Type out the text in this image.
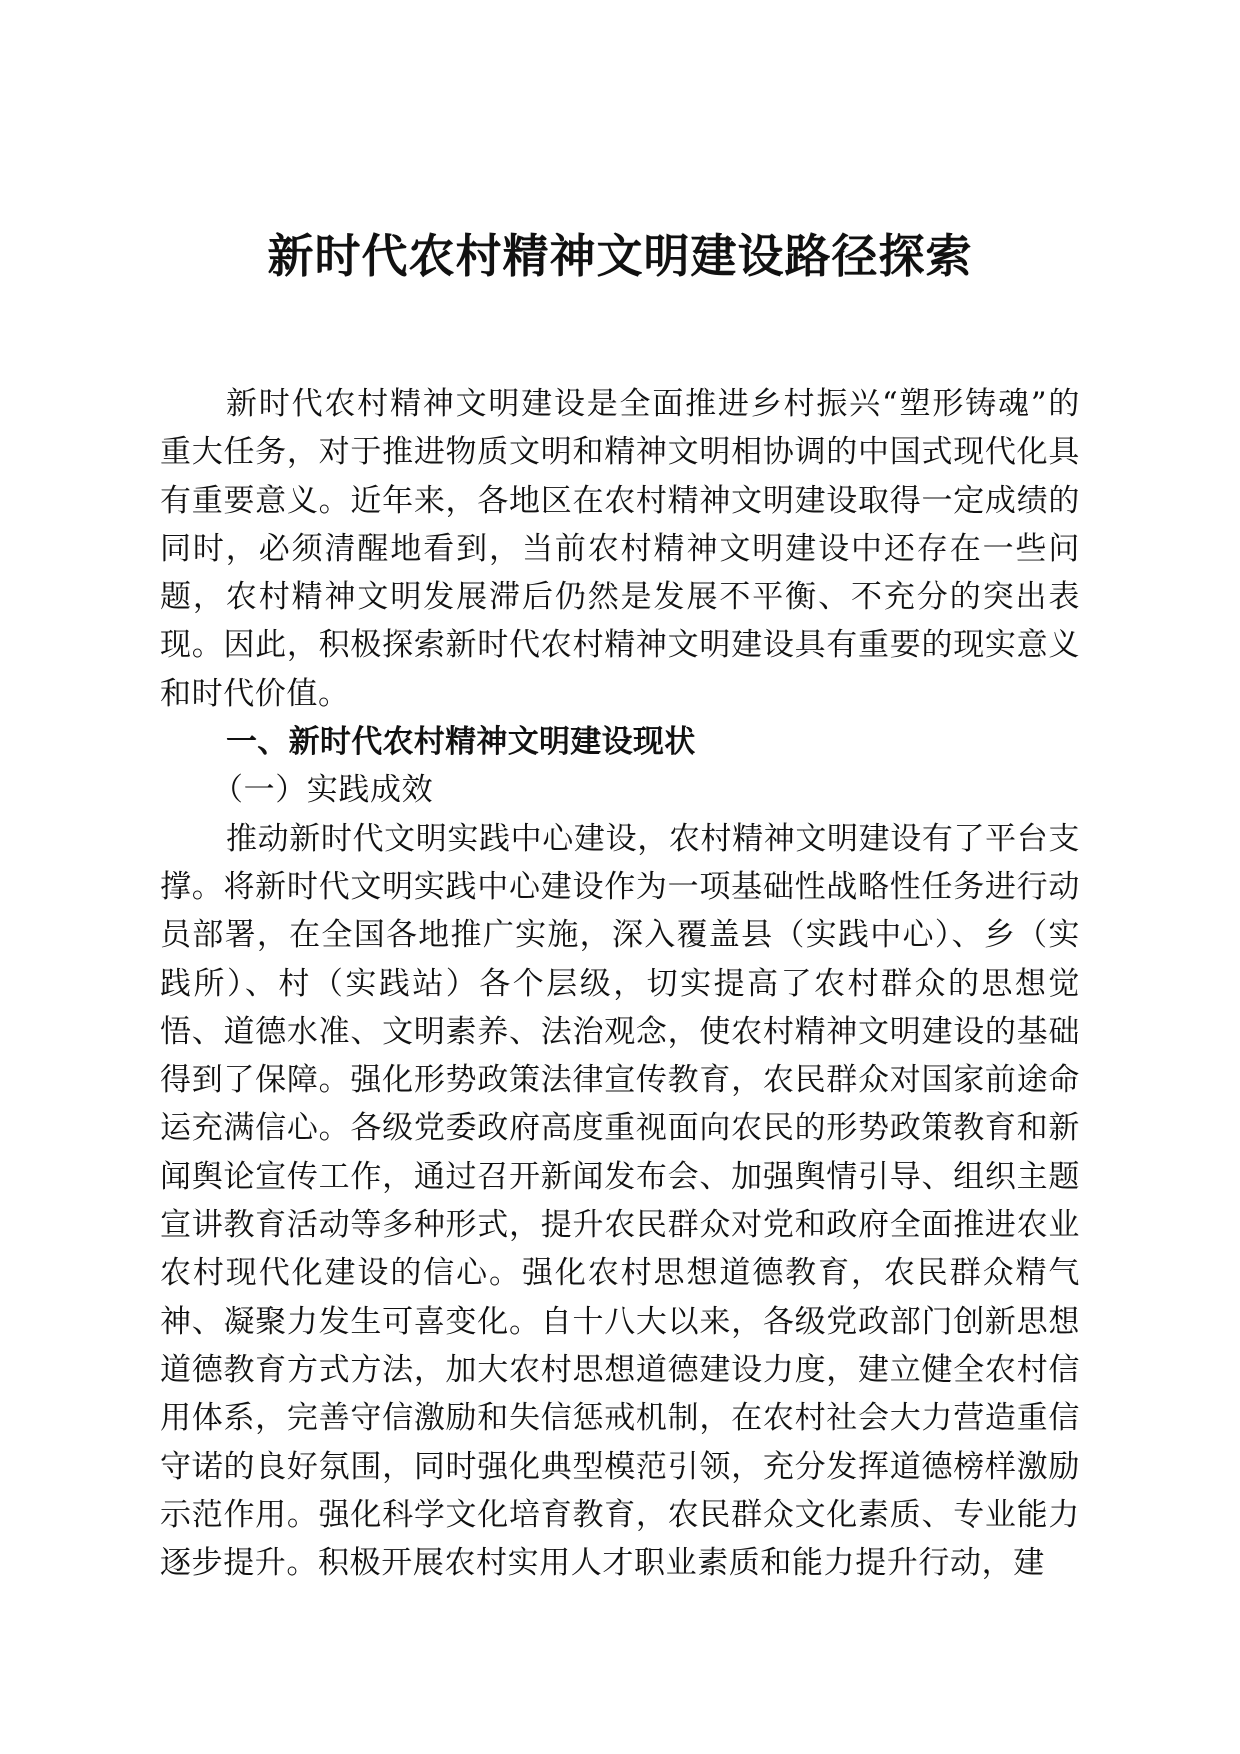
新时代农村精神文明建设路径探索

新时代农村精神文明建设是全面推进乡村振兴“塑形铸魂”的重大任务，对于推进物质文明和精神文明相协调的中国式现代化具有重要意义。近年来，各地区在农村精神文明建设取得一定成绩的同时，必须清醒地看到，当前农村精神文明建设中还存在一些问题，农村精神文明发展滞后仍然是发展不平衡、不充分的突出表现。因此，积极探索新时代农村精神文明建设具有重要的现实意义和时代价值。

一、新时代农村精神文明建设现状

（一）实践成效

推动新时代文明实践中心建设，农村精神文明建设有了平台支撑。将新时代文明实践中心建设作为一项基础性战略性任务进行动员部署，在全国各地推广实施，深入覆盖县（实践中心）、乡（实践所）、村（实践站）各个层级，切实提高了农村群众的思想觉悟、道德水准、文明素养、法治观念，使农村精神文明建设的基础得到了保障。强化形势政策法律宣传教育，农民群众对国家前途命运充满信心。各级党委政府高度重视面向农民的形势政策教育和新闻舆论宣传工作，通过召开新闻发布会、加强舆情引导、组织主题宣讲教育活动等多种形式，提升农民群众对党和政府全面推进农业农村现代化建设的信心。强化农村思想道德教育，农民群众精气神、凝聚力发生可喜变化。自十八大以来，各级党政部门创新思想道德教育方式方法，加大农村思想道德建设力度，建立健全农村信用体系，完善守信激励和失信惩戒机制，在农村社会大力营造重信守诺的良好氛围，同时强化典型模范引领，充分发挥道德榜样激励示范作用。强化科学文化培育教育，农民群众文化素质、专业能力逐步提升。积极开展农村实用人才职业素质和能力提升行动，建
